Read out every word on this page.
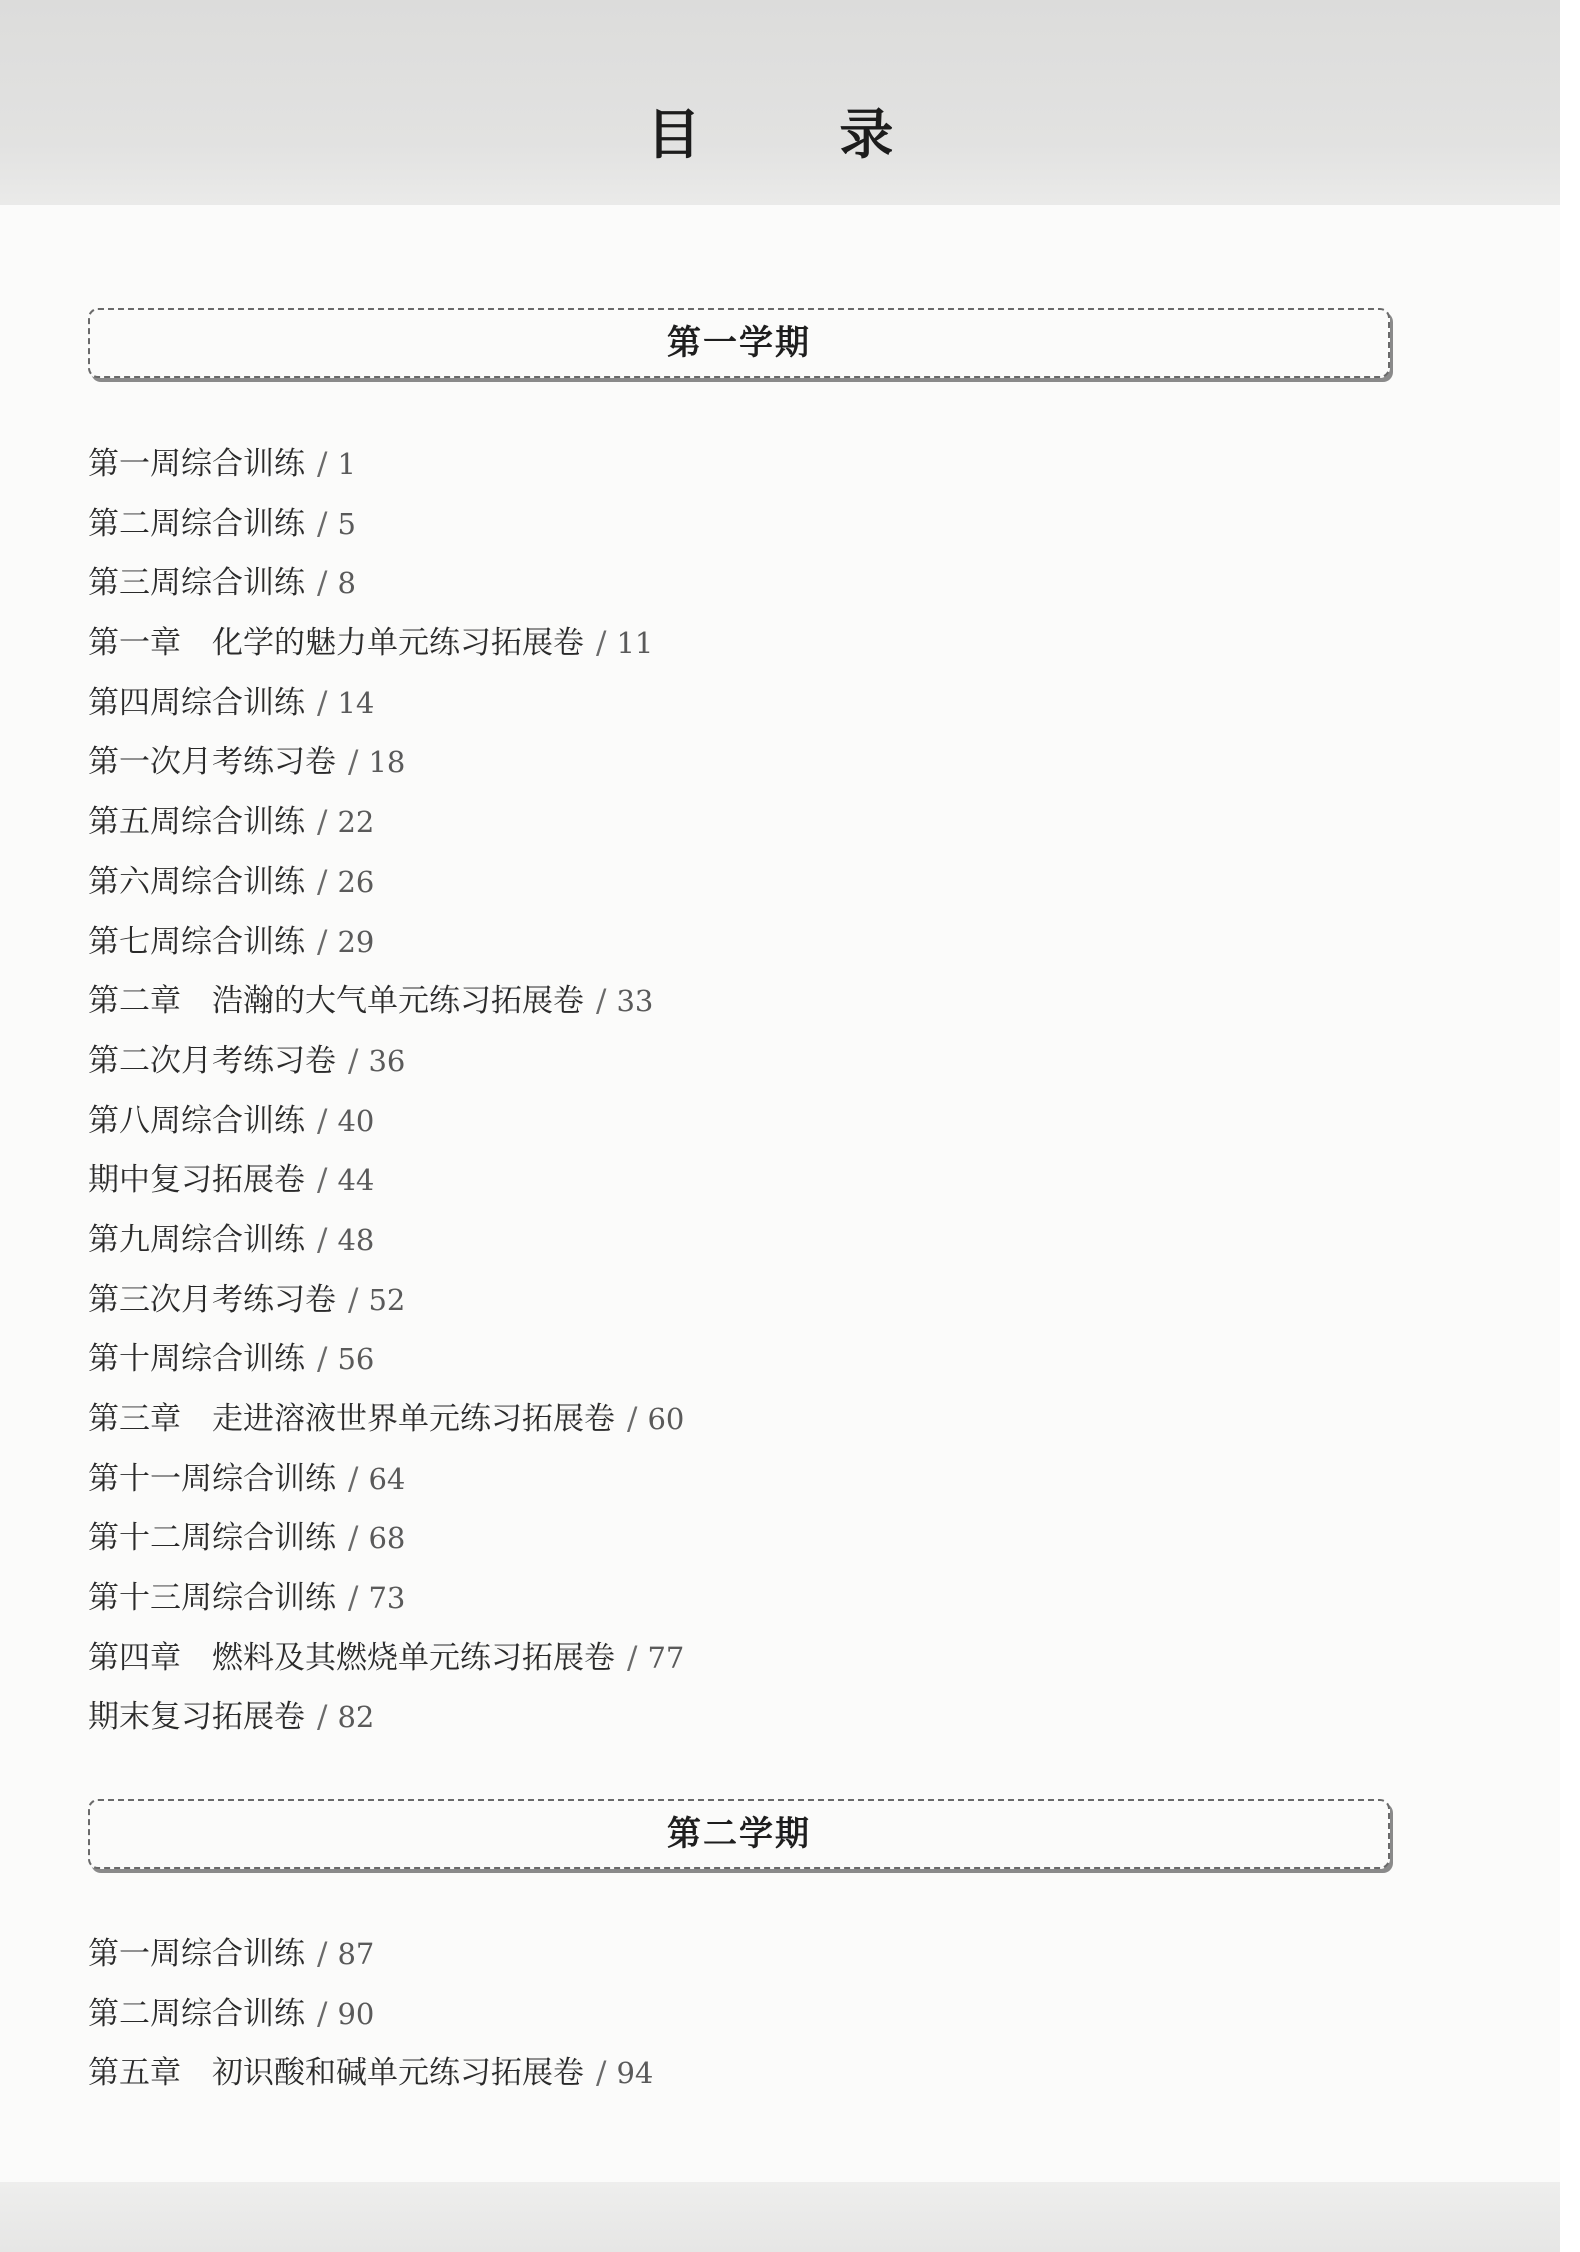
目 录
第一学期
第一周综合训练 / 1
第二周综合训练 / 5
第三周综合训练 / 8
第一章　化学的魅力单元练习拓展卷 / 11
第四周综合训练 / 14
第一次月考练习卷 / 18
第五周综合训练 / 22
第六周综合训练 / 26
第七周综合训练 / 29
第二章　浩瀚的大气单元练习拓展卷 / 33
第二次月考练习卷 / 36
第八周综合训练 / 40
期中复习拓展卷 / 44
第九周综合训练 / 48
第三次月考练习卷 / 52
第十周综合训练 / 56
第三章　走进溶液世界单元练习拓展卷 / 60
第十一周综合训练 / 64
第十二周综合训练 / 68
第十三周综合训练 / 73
第四章　燃料及其燃烧单元练习拓展卷 / 77
期末复习拓展卷 / 82
第二学期
第一周综合训练 / 87
第二周综合训练 / 90
第五章　初识酸和碱单元练习拓展卷 / 94
